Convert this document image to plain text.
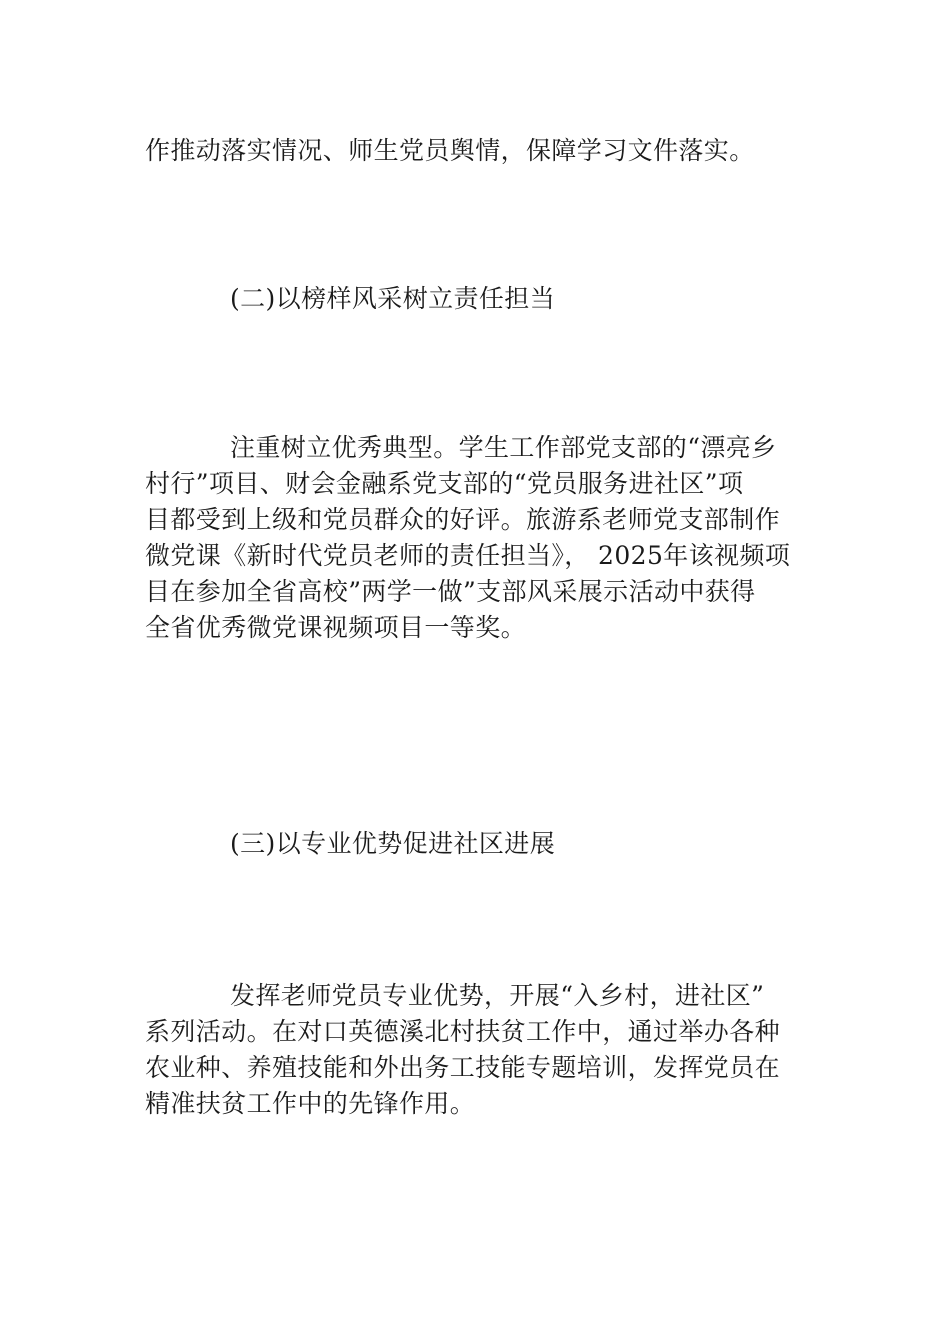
作推动落实情况、师生党员舆情，保障学习文件落实。
(二)以榜样风采树立责任担当
注重树立优秀典型。学生工作部党支部的“漂亮乡
村行”项目、财会金融系党支部的“党员服务进社区”项
目都受到上级和党员群众的好评。旅游系老师党支部制作
微党课《新时代党员老师的责任担当》， 2025年该视频项
目在参加全省高校”两学一做”支部风采展示活动中获得
全省优秀微党课视频项目一等奖。
(三)以专业优势促进社区进展
发挥老师党员专业优势，开展“入乡村，进社区”
系列活动。在对口英德溪北村扶贫工作中，通过举办各种
农业种、养殖技能和外出务工技能专题培训，发挥党员在
精准扶贫工作中的先锋作用。
